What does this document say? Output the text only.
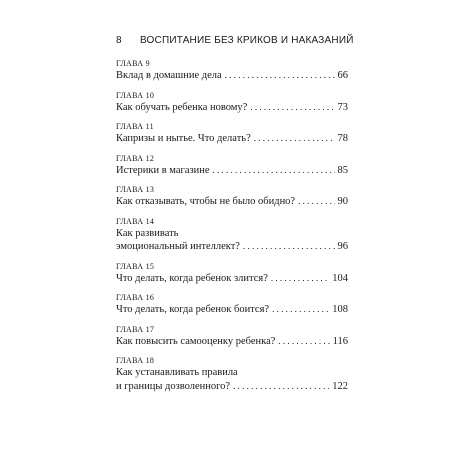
8 ВОСПИТАНИЕ БЕЗ КРИКОВ И НАКАЗАНИЙ
ГЛАВА 9
Вклад в домашние дела . . .	66
ГЛАВА 10
Как обучать ребенка новому? . . .	73
ГЛАВА 11
Капризы и нытье. Что делать? . . .	78
ГЛАВА 12
Истерики в магазине . . .	85
ГЛАВА 13
Как отказывать, чтобы не было обидно? . . .	90
ГЛАВА 14
Как развивать
эмоциональный интеллект? . . .	96
ГЛАВА 15
Что делать, когда ребенок злится? . . .	104
ГЛАВА 16
Что делать, когда ребенок боится? . . .	108
ГЛАВА 17
Как повысить самооценку ребенка? . . .	116
ГЛАВА 18
Как устанавливать правила
и границы дозволенного? . . .	122
